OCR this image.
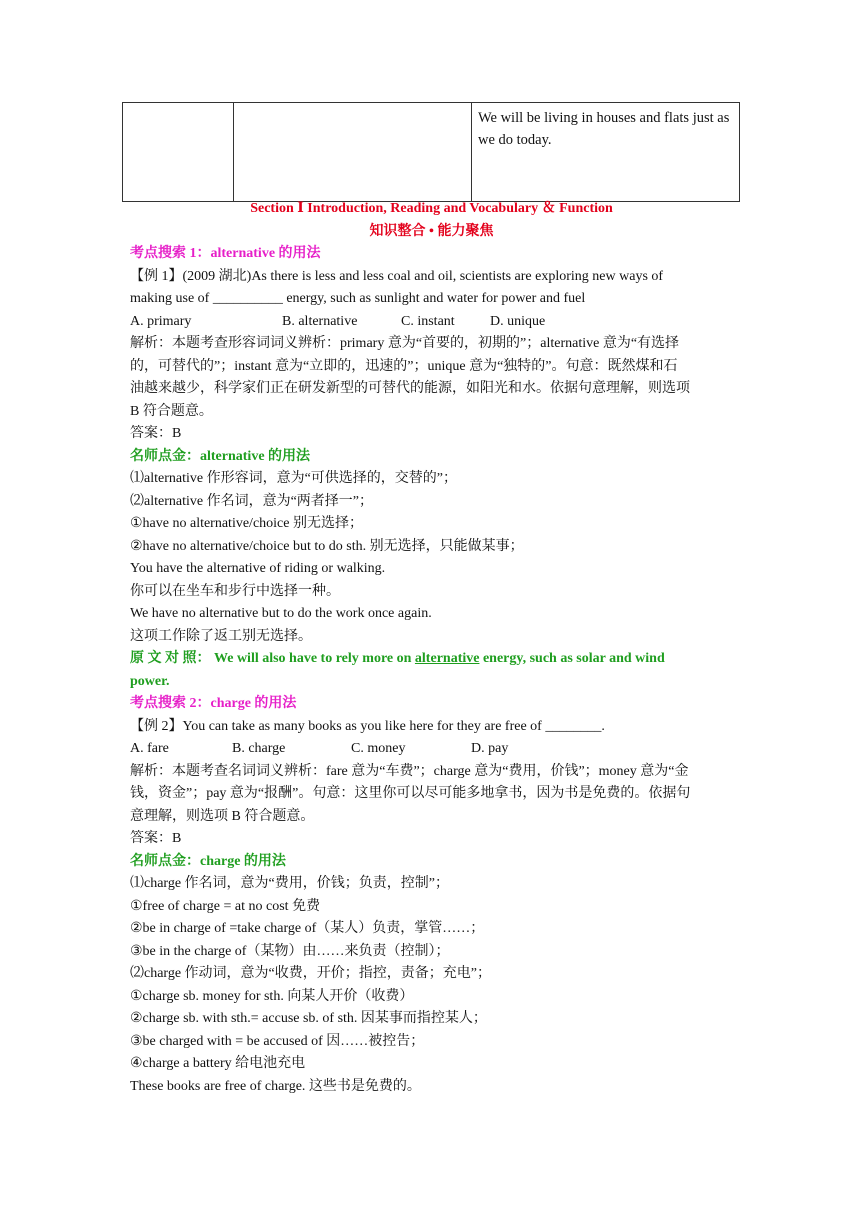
		We will be living in houses and flats just as we do today.
Section Ⅰ Introduction, Reading and Vocabulary ＆ Function
知识整合 • 能力聚焦
考点搜索 1：alternative 的用法
【例 1】(2009 湖北)As there is less and less coal and oil, scientists are exploring new ways of
making use of __________ energy, such as sunlight and water for power and fuel
A. primary	B. alternative	C. instant	D. unique
解析：本题考查形容词词义辨析：primary 意为“首要的，初期的”；alternative 意为“有选择
的，可替代的”；instant 意为“立即的，迅速的”；unique 意为“独特的”。句意：既然煤和石
油越来越少，科学家们正在研发新型的可替代的能源，如阳光和水。依据句意理解，则选项
B 符合题意。
答案：B
名师点金：alternative 的用法
⑴alternative 作形容词，意为“可供选择的，交替的”；
⑵alternative 作名词，意为“两者择一”；
①have no alternative/choice 别无选择；
②have no alternative/choice but to do sth. 别无选择，只能做某事；
You have the alternative of riding or walking.
你可以在坐车和步行中选择一种。
We have no alternative but to do the work once again.
这项工作除了返工别无选择。
原 文 对 照： We will also have to rely more on alternative energy, such as solar and wind
power.
考点搜索 2：charge 的用法
【例 2】You can take as many books as you like here for they are free of ________.
A. fare	B. charge	C. money	D. pay
解析：本题考查名词词义辨析：fare 意为“车费”；charge 意为“费用，价钱”；money 意为“金
钱，资金”；pay 意为“报酬”。句意：这里你可以尽可能多地拿书，因为书是免费的。依据句
意理解，则选项 B 符合题意。
答案：B
名师点金：charge 的用法
⑴charge 作名词，意为“费用，价钱；负责，控制”；
①free of charge = at no cost 免费
②be in charge of =take charge of（某人）负责，掌管……；
③be in the charge of（某物）由……来负责（控制）；
⑵charge 作动词，意为“收费，开价；指控，责备；充电”；
①charge sb. money for sth. 向某人开价（收费）
②charge sb. with sth.= accuse sb. of sth. 因某事而指控某人；
③be charged with = be accused of 因……被控告；
④charge a battery 给电池充电
These books are free of charge. 这些书是免费的。
